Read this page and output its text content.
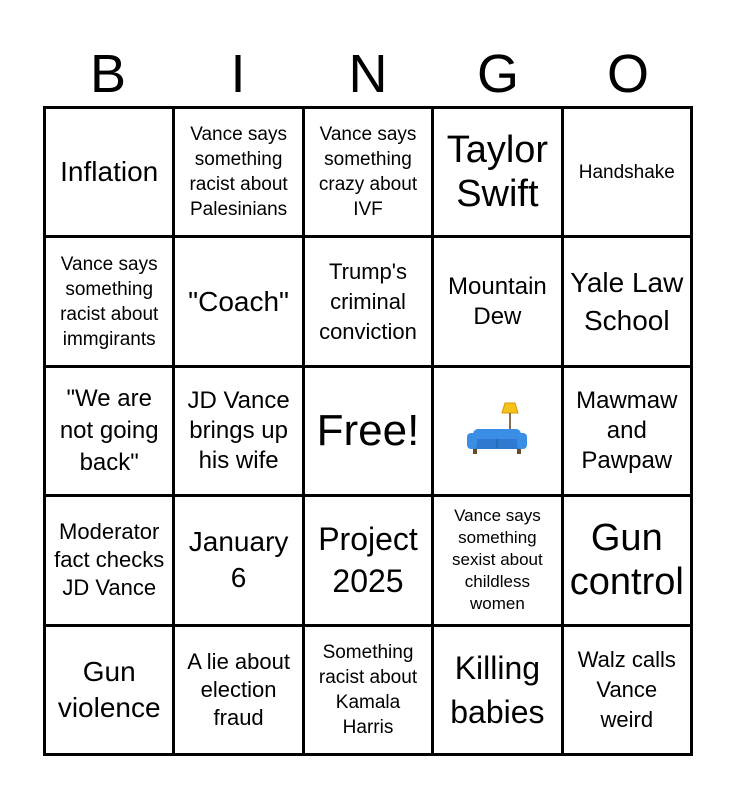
B	I	N	G	O
Inflation
Vance says something racist about Palesinians
Vance says something crazy about IVF
Taylor Swift
Handshake
Vance says something racist about immgirants
"Coach"
Trump's criminal conviction
Mountain Dew
Yale Law School
"We are not going back"
JD Vance brings up his wife
Free!
Mawmaw and Pawpaw
Moderator fact checks JD Vance
January 6
Project 2025
Vance says something sexist about childless women
Gun control
Gun violence
A lie about election fraud
Something racist about Kamala Harris
Killing babies
Walz calls Vance weird
